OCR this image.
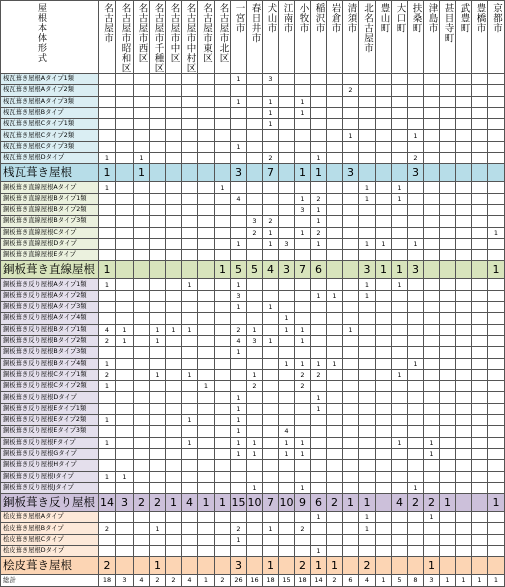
屋根本体形式	名古屋市	名古屋市昭和区	名古屋市西区	名古屋市千種区	名古屋市中区	名古屋市中村区	名古屋市東区	名古屋市北区	一宮市	春日井市	犬山市	江南市	小牧市	稲沢市	岩倉市	清須市	北名古屋市	豊山町	大口町	扶桑町	津島市	甚目寺町	武豊町	豊橋市	京都市

桟瓦葺き屋根Aタイプ1類									1		3														
桟瓦葺き屋根Aタイプ2類																2									
桟瓦葺き屋根Aタイプ3類									1		1		1												
桟瓦葺き屋根Bタイプ											1		1												
桟瓦葺き屋根Cタイプ1類											1														
桟瓦葺き屋根Cタイプ2類																1				1					
桟瓦葺き屋根Cタイプ3類									1																
桟瓦葺き屋根Dタイプ	1		1								2			1						2					
桟瓦葺き屋根	1		1						3		7		1	1		3				3					
銅板葺き直線屋根Aタイプ	1							1									1		1						
銅板葺き直線屋根Bタイプ1類									4				1	2			1		1						
銅板葺き直線屋根Bタイプ2類													3	1											
銅板葺き直線屋根Bタイプ3類										3	2			1											
銅板葺き直線屋根Cタイプ										2	1		1	2											1
銅板葺き直線屋根Dタイプ									1		1	3		1			1	1		1					
銅板葺き直線屋根Eタイプ																									
銅板葺き直線屋根	1							1	5	5	4	3	7	6			3	1	1	3					1
銅板葺き反り屋根Aタイプ1類	1					1			1								1		1						
銅板葺き反り屋根Aタイプ2類									3					1	1		1								
銅板葺き反り屋根Aタイプ3類									1		1														
銅板葺き反り屋根Aタイプ4類												1													
銅板葺き反り屋根Bタイプ1類	4	1		1	1	1			2	1		1	1			1									
銅板葺き反り屋根Bタイプ2類	2	1		1					4	3	1		1												
銅板葺き反り屋根Bタイプ3類									1																
銅板葺き反り屋根Bタイプ4類	1											1	1	1	1					1					
銅板葺き反り屋根Cタイプ1類	2			1		1				1			2	2					1						
銅板葺き反り屋根Cタイプ2類	1						1			2			2												
銅板葺き反り屋根Dタイプ									1					1											
銅板葺き反り屋根Eタイプ1類									1					1											
銅板葺き反り屋根Eタイプ2類	1					1			1																
銅板葺き反り屋根Eタイプ3類									1			4													
銅板葺き反り屋根Fタイプ	1					1			1	1		1	1						1		1				
銅板葺き反り屋根Gタイプ									1	1		1	1								1				
銅板葺き反り屋根Hタイプ																									
銅板葺き反り屋根Iタイプ	1	1																							
銅板葺き反り屋根Jタイプ										1			1							1					
銅板葺き反り屋根	14	3	2	2	1	4	1	1	15	10	7	10	9	6	2	1	1		4	2	2	1			1
桧皮葺き屋根Aタイプ														1			1				1				
桧皮葺き屋根Bタイプ	2			1					2		1		2				1								
桧皮葺き屋根Cタイプ									1																
桧皮葺き屋根Dタイプ														1											
桧皮葺き屋根	2			1					3		1		2	1	1		2				1				
総計	18	3	4	2	2	4	1	2	26	16	18	15	18	14	2	6	4	1	5	8	3	1	1	1	1
